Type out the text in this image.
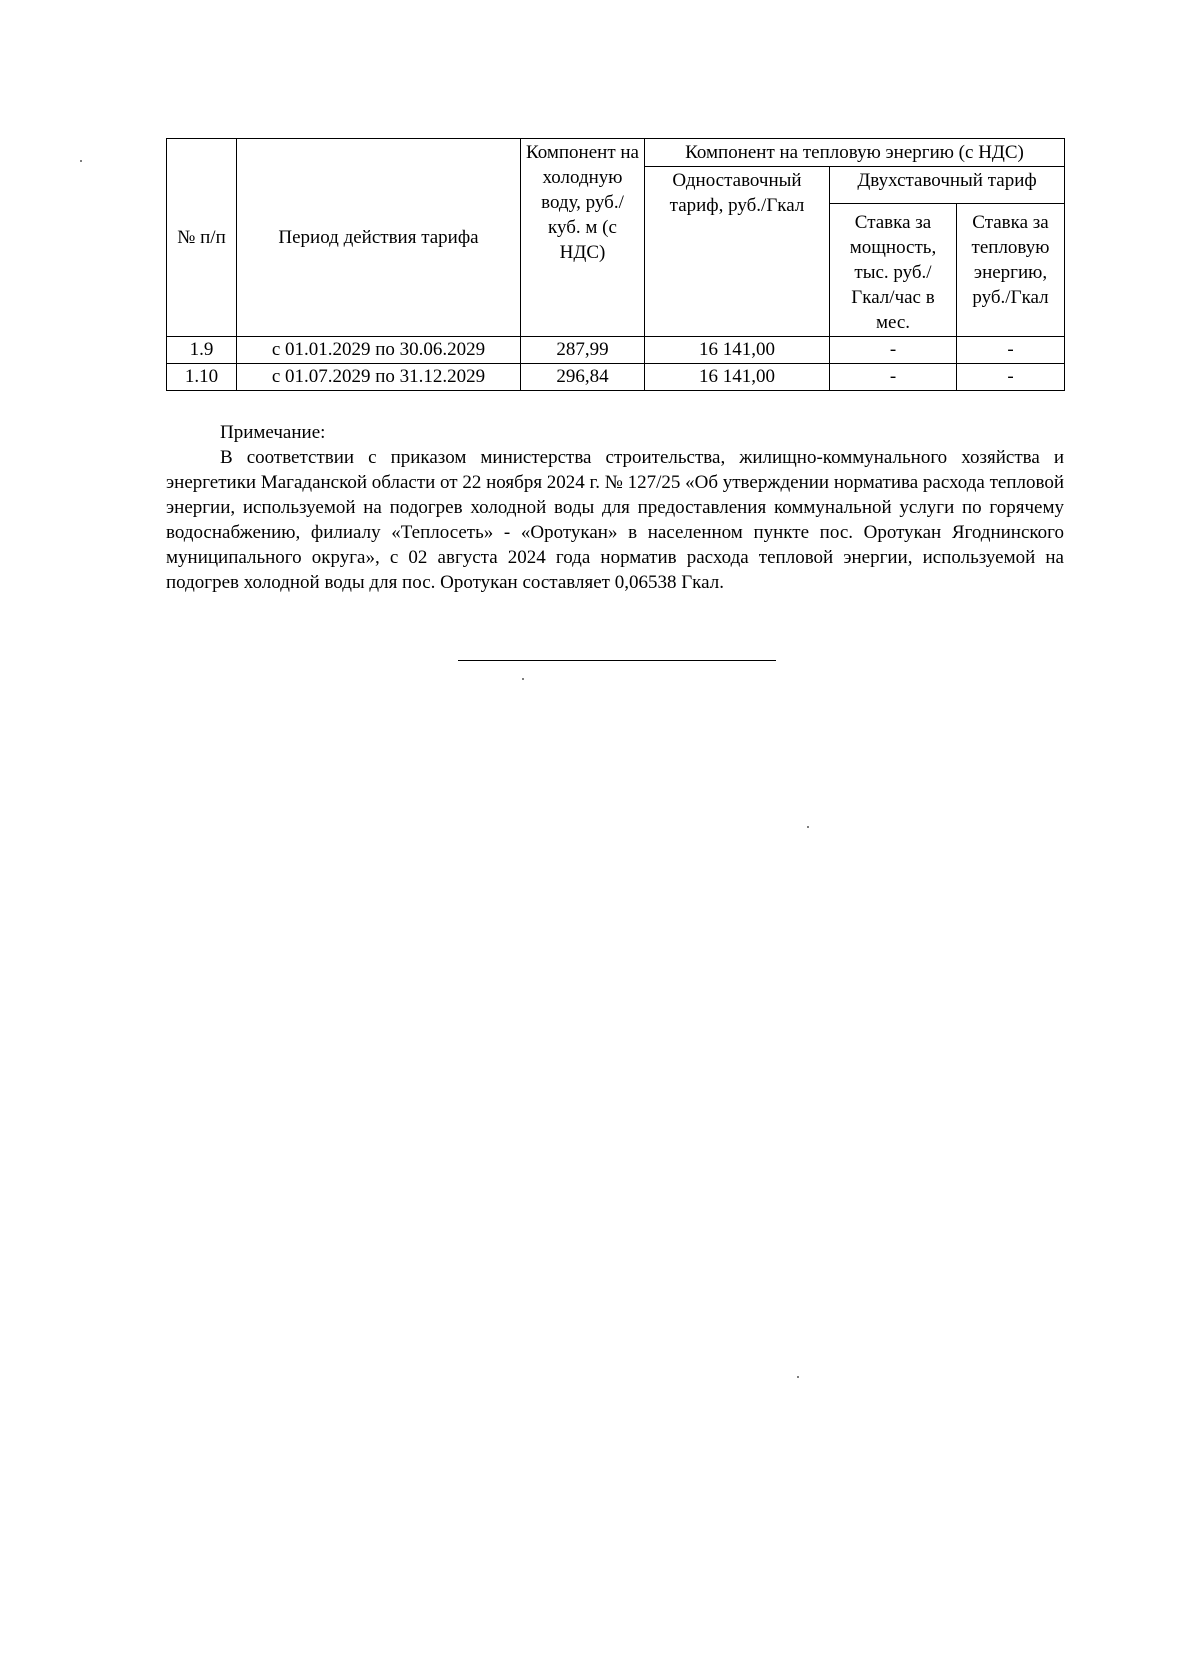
№ п/п	Период действия тарифа	Компонент на холодную воду, руб./куб. м (с НДС)	Компонент на тепловую энергию (с НДС)		
			Одноставочный тариф, руб./Гкал	Двухставочный тариф	
				Ставка за мощность, тыс. руб./Гкал/час в мес.	Ставка за тепловую энергию, руб./Гкал
1.9	с 01.01.2029 по 30.06.2029	287,99	16 141,00	-	-
1.10	с 01.07.2029 по 31.12.2029	296,84	16 141,00	-	-

Примечание:

В соответствии с приказом министерства строительства, жилищно-коммунального хозяйства и энергетики Магаданской области от 22 ноября 2024 г. № 127/25 «Об утверждении норматива расхода тепловой энергии, используемой на подогрев холодной воды для предоставления коммунальной услуги по горячему водоснабжению, филиалу «Теплосеть» - «Оротукан» в населенном пункте пос. Оротукан Ягоднинского муниципального округа», с 02 августа 2024 года норматив расхода тепловой энергии, используемой на подогрев холодной воды для пос. Оротукан составляет 0,06538 Гкал.
